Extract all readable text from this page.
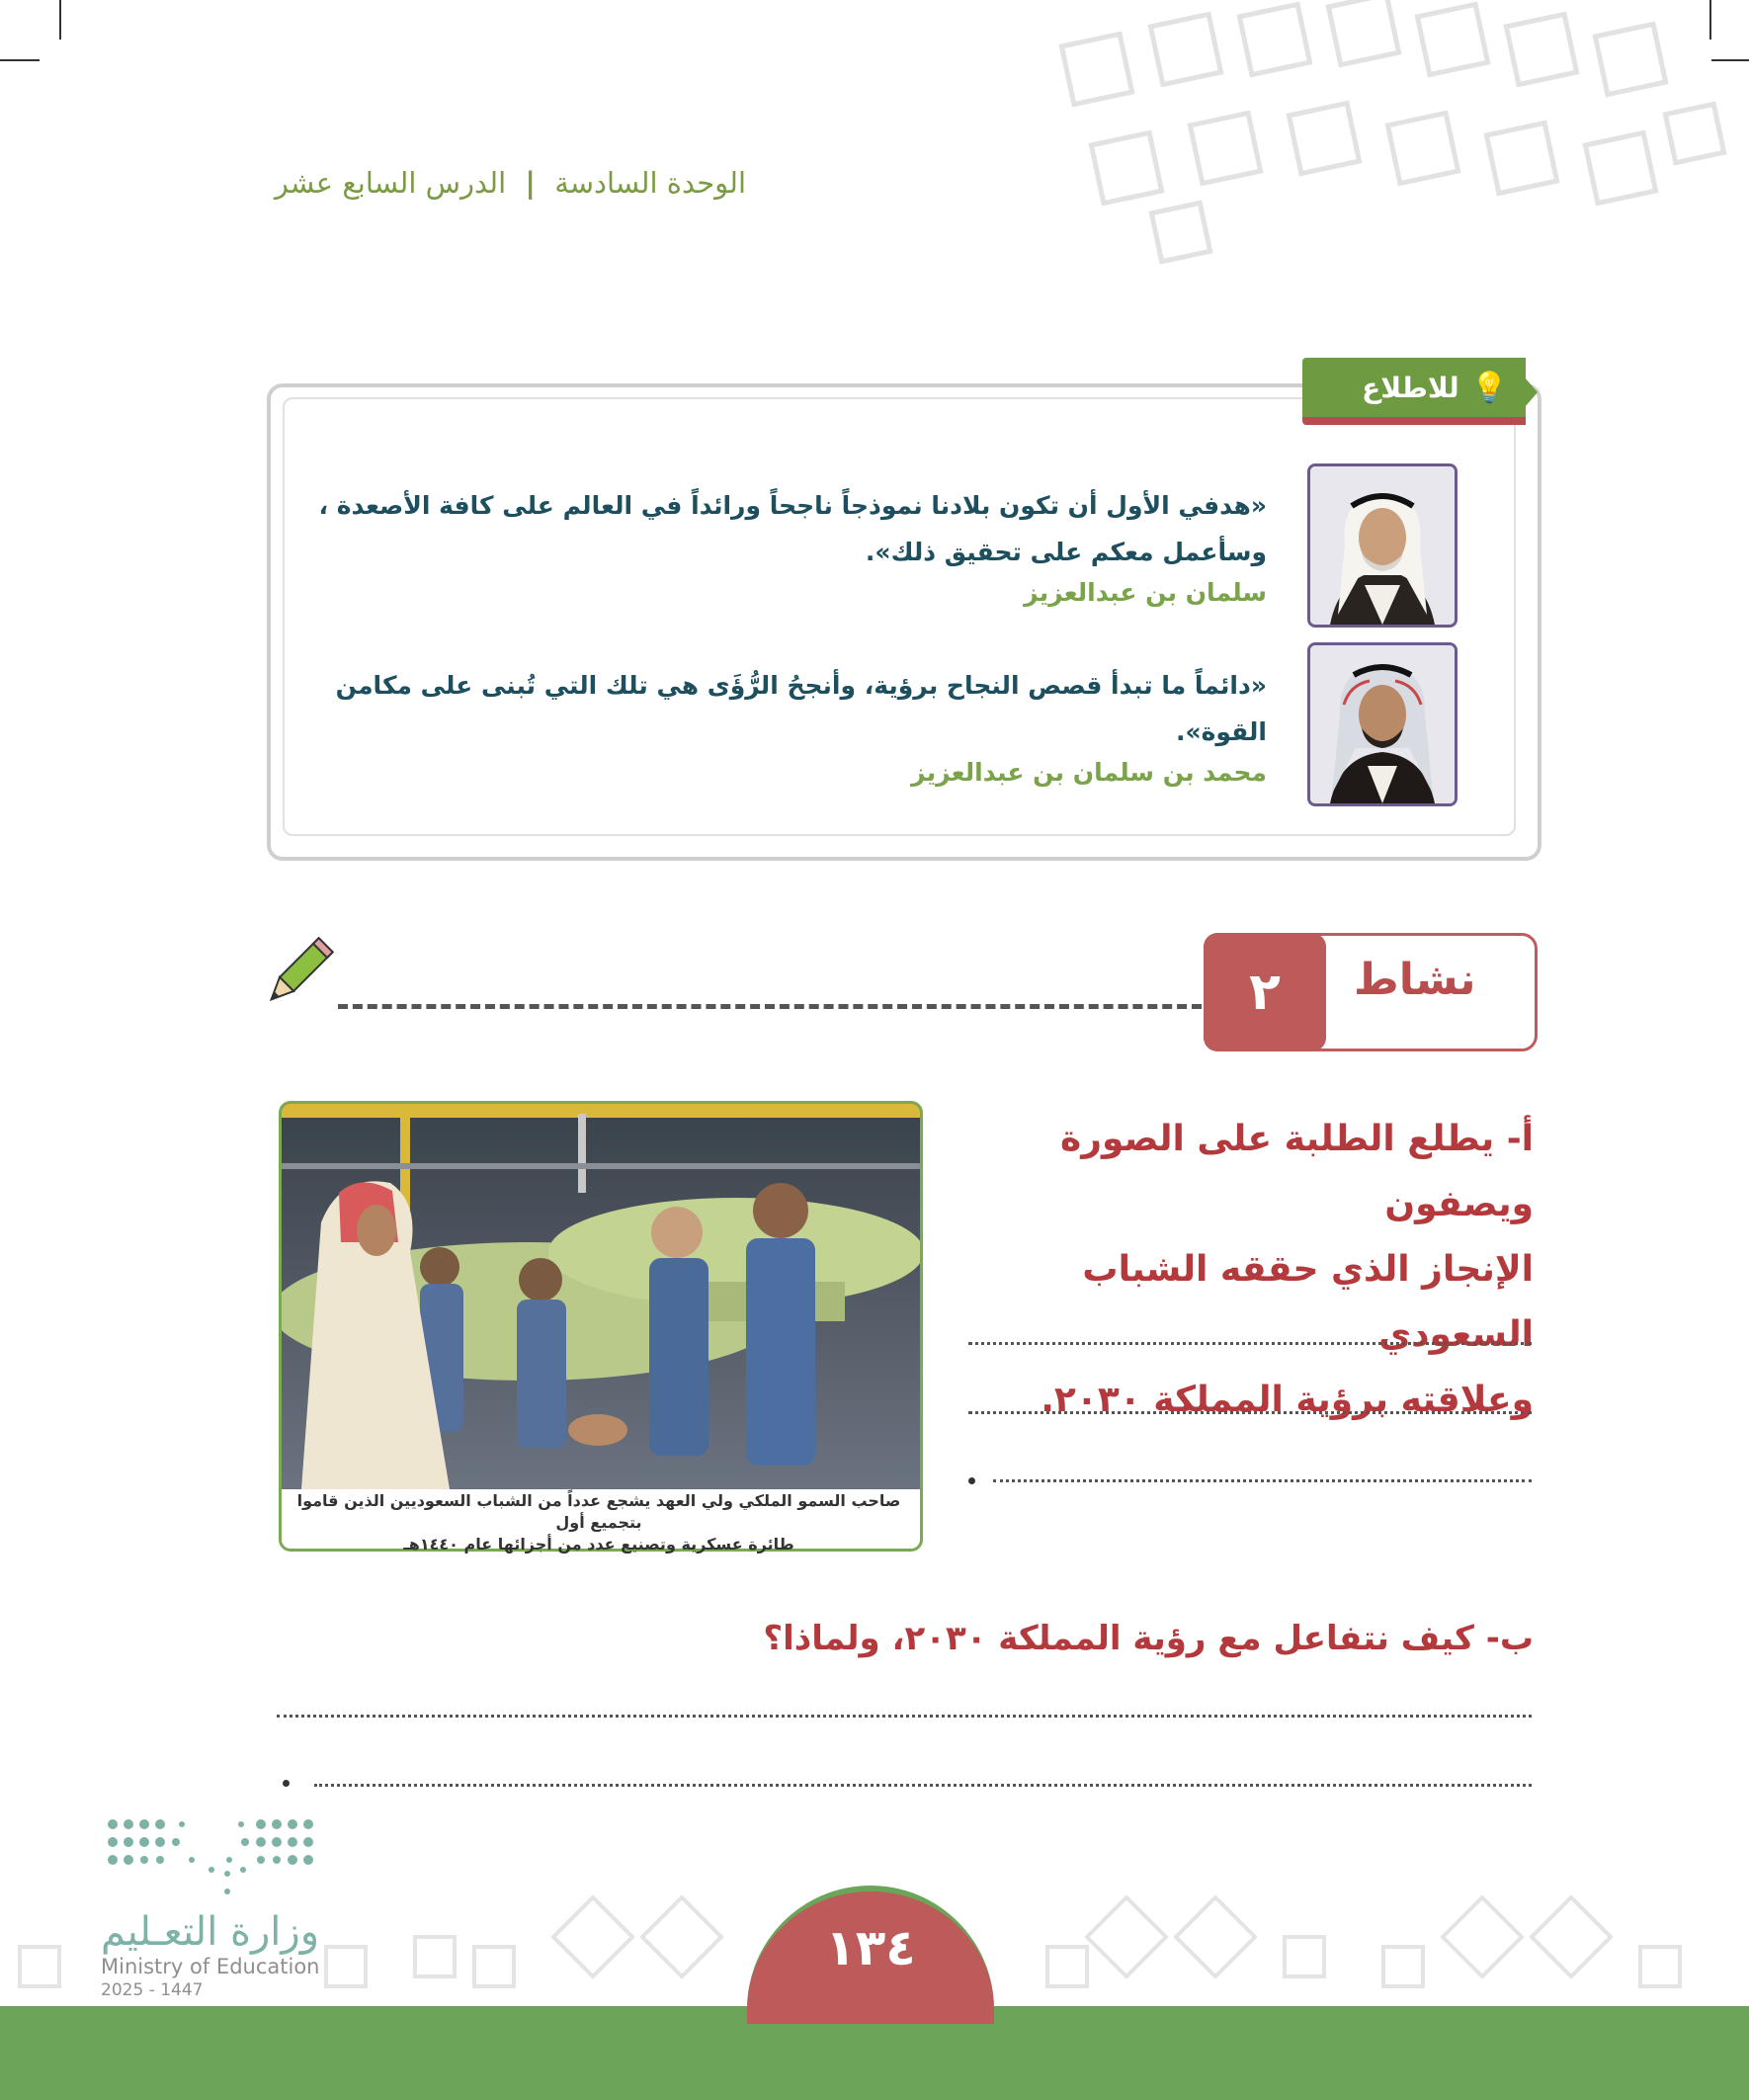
الوحدة السادسة | الدرس السابع عشر
💡
للاطلاع
«هدفي الأول أن تكون بلادنا نموذجاً ناجحاً ورائداً في العالم على كافة الأصعدة ،
وسأعمل معكم على تحقيق ذلك».
سلمان بن عبدالعزيز
«دائماً ما تبدأ قصص النجاح برؤية، وأنجحُ الرُّؤَى هي تلك التي تُبنى على مكامن
القوة».
محمد بن سلمان بن عبدالعزيز
٢	نشاط
أ- يطلع الطلبة على الصورة ويصفون
الإنجاز الذي حققه الشباب السعودي
وعلاقته برؤية المملكة ٢٠٣٠.
صاحب السمو الملكي ولي العهد يشجع عدداً من الشباب السعوديين الذين قاموا بتجميع أول
طائرة عسكرية وتصنيع عدد من أجزائها عام ١٤٤٠هـ
ب- كيف نتفاعل مع رؤية المملكة ٢٠٣٠، ولماذا؟
وزارة التعـليم
Ministry of Education
2025 - 1447
١٣٤
